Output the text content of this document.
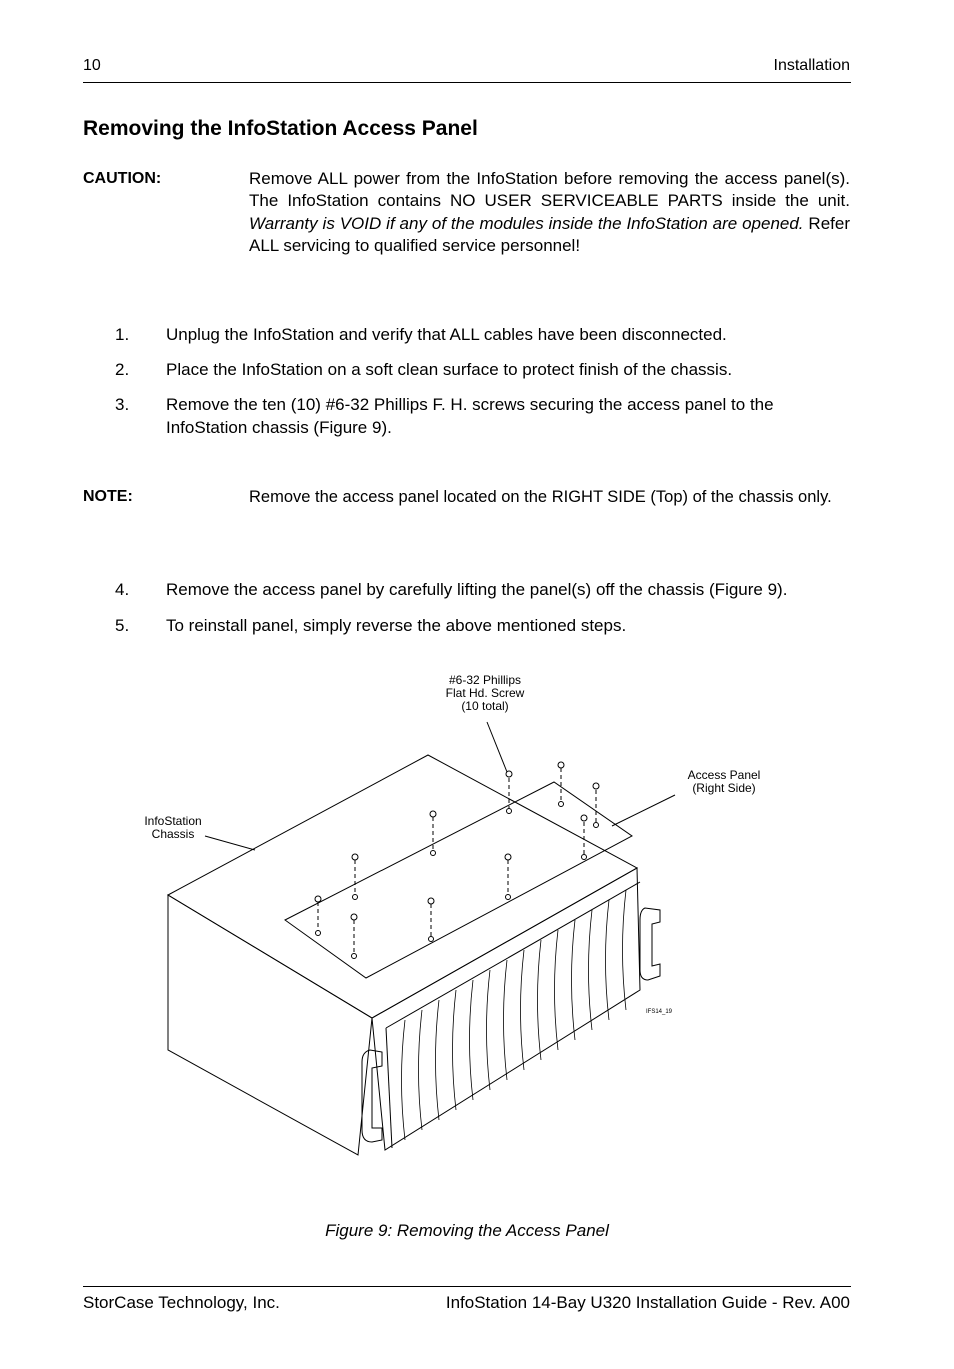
10	Installation
Removing the InfoStation Access Panel
CAUTION:	Remove ALL power from the InfoStation before removing the access panel(s). The InfoStation contains NO USER SERVICEABLE PARTS inside the unit. Warranty is VOID if any of the modules inside the InfoStation are opened. Refer ALL servicing to qualified service personnel!
1. Unplug the InfoStation and verify that ALL cables have been disconnected.
2. Place the InfoStation on a soft clean surface to protect finish of the chassis.
3. Remove the ten (10) #6-32 Phillips F. H. screws securing the access panel to the InfoStation chassis (Figure 9).
NOTE:	Remove the access panel located on the RIGHT SIDE (Top) of the chassis only.
4. Remove the access panel by carefully lifting the panel(s) off the chassis (Figure 9).
5. To reinstall panel, simply reverse the above mentioned steps.
#6-32 Phillips
Flat Hd. Screw
(10 total)
Access Panel
(Right Side)
InfoStation
Chassis
IFS14_19
Figure 9: Removing the Access Panel
StorCase Technology, Inc.	InfoStation 14-Bay U320 Installation Guide - Rev. A00
